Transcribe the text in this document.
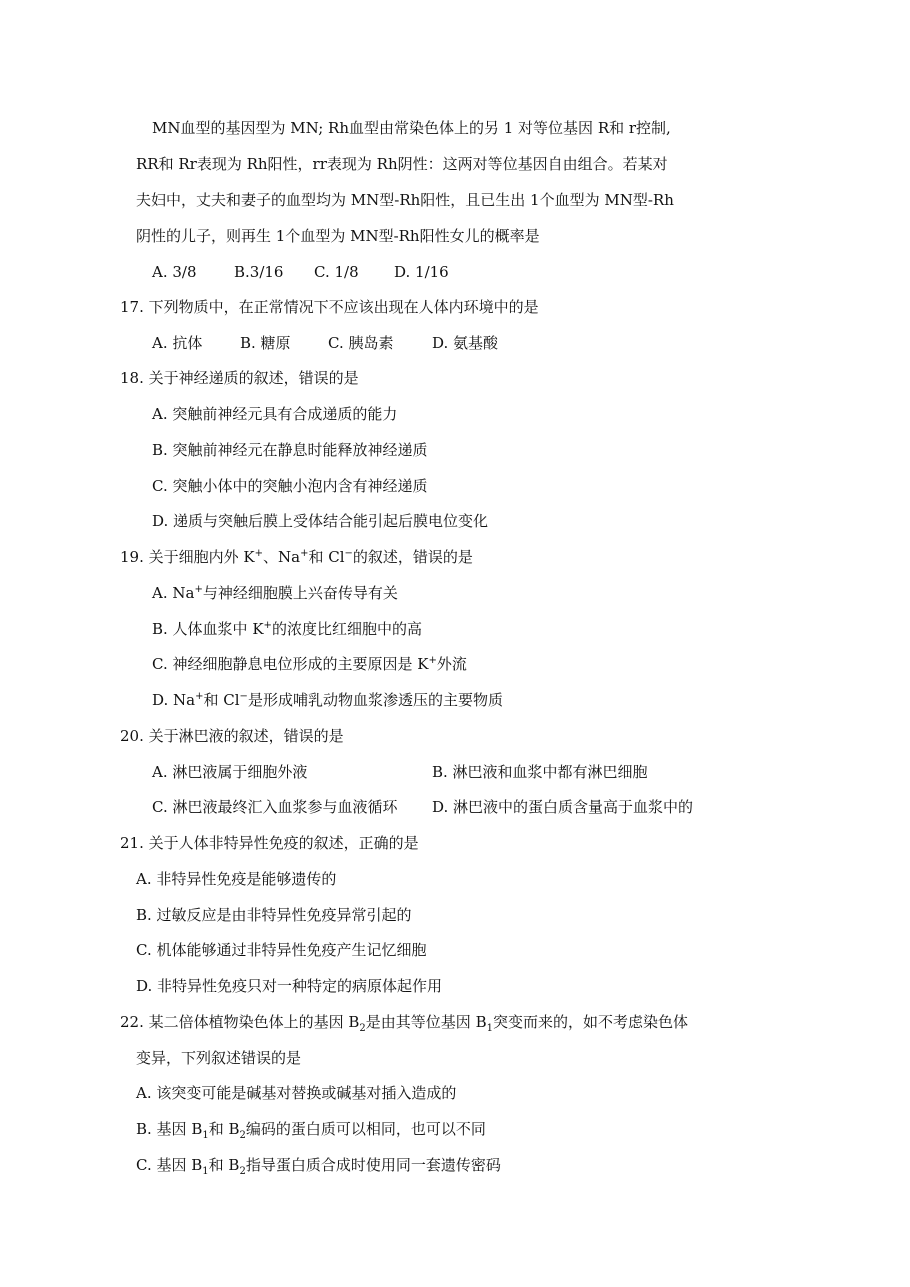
MN血型的基因型为 MN; Rh血型由常染色体上的另 1 对等位基因 R和 r控制,
RR和 Rr表现为 Rh阳性，rr表现为 Rh阴性：这两对等位基因自由组合。若某对
夫妇中，丈夫和妻子的血型均为 MN型-Rh阳性，且已生出 1个血型为 MN型-Rh
阴性的儿子，则再生 1个血型为 MN型-Rh阳性女儿的概率是
A. 3/8 B.3/16 C. 1/8 D. 1/16
17. 下列物质中，在正常情况下不应该出现在人体内环境中的是
A. 抗体	B. 糖原 C. 胰岛素	D. 氨基酸
18. 关于神经递质的叙述，错误的是
A. 突触前神经元具有合成递质的能力
B. 突触前神经元在静息时能释放神经递质
C. 突触小体中的突触小泡内含有神经递质
D. 递质与突触后膜上受体结合能引起后膜电位变化
19. 关于细胞内外 K+、Na+和 Cl−的叙述，错误的是
A. Na+与神经细胞膜上兴奋传导有关
B. 人体血浆中 K+的浓度比红细胞中的高
C. 神经细胞静息电位形成的主要原因是 K+外流
D. Na+和 Cl−是形成哺乳动物血浆渗透压的主要物质
20. 关于淋巴液的叙述，错误的是
A. 淋巴液属于细胞外液	B. 淋巴液和血浆中都有淋巴细胞
C. 淋巴液最终汇入血浆参与血液循环 D. 淋巴液中的蛋白质含量高于血浆中的
21. 关于人体非特异性免疫的叙述，正确的是
A. 非特异性免疫是能够遗传的
B. 过敏反应是由非特异性免疫异常引起的
C. 机体能够通过非特异性免疫产生记忆细胞
D. 非特异性免疫只对一种特定的病原体起作用
22. 某二倍体植物染色体上的基因 $B_2$是由其等位基因 $B_1$突变而来的，如不考虑染色体
变异，下列叙述错误的是
A. 该突变可能是碱基对替换或碱基对插入造成的
B. 基因 $B_1$和 $B_2$编码的蛋白质可以相同，也可以不同
C. 基因 $B_1$和 $B_2$指导蛋白质合成时使用同一套遗传密码
